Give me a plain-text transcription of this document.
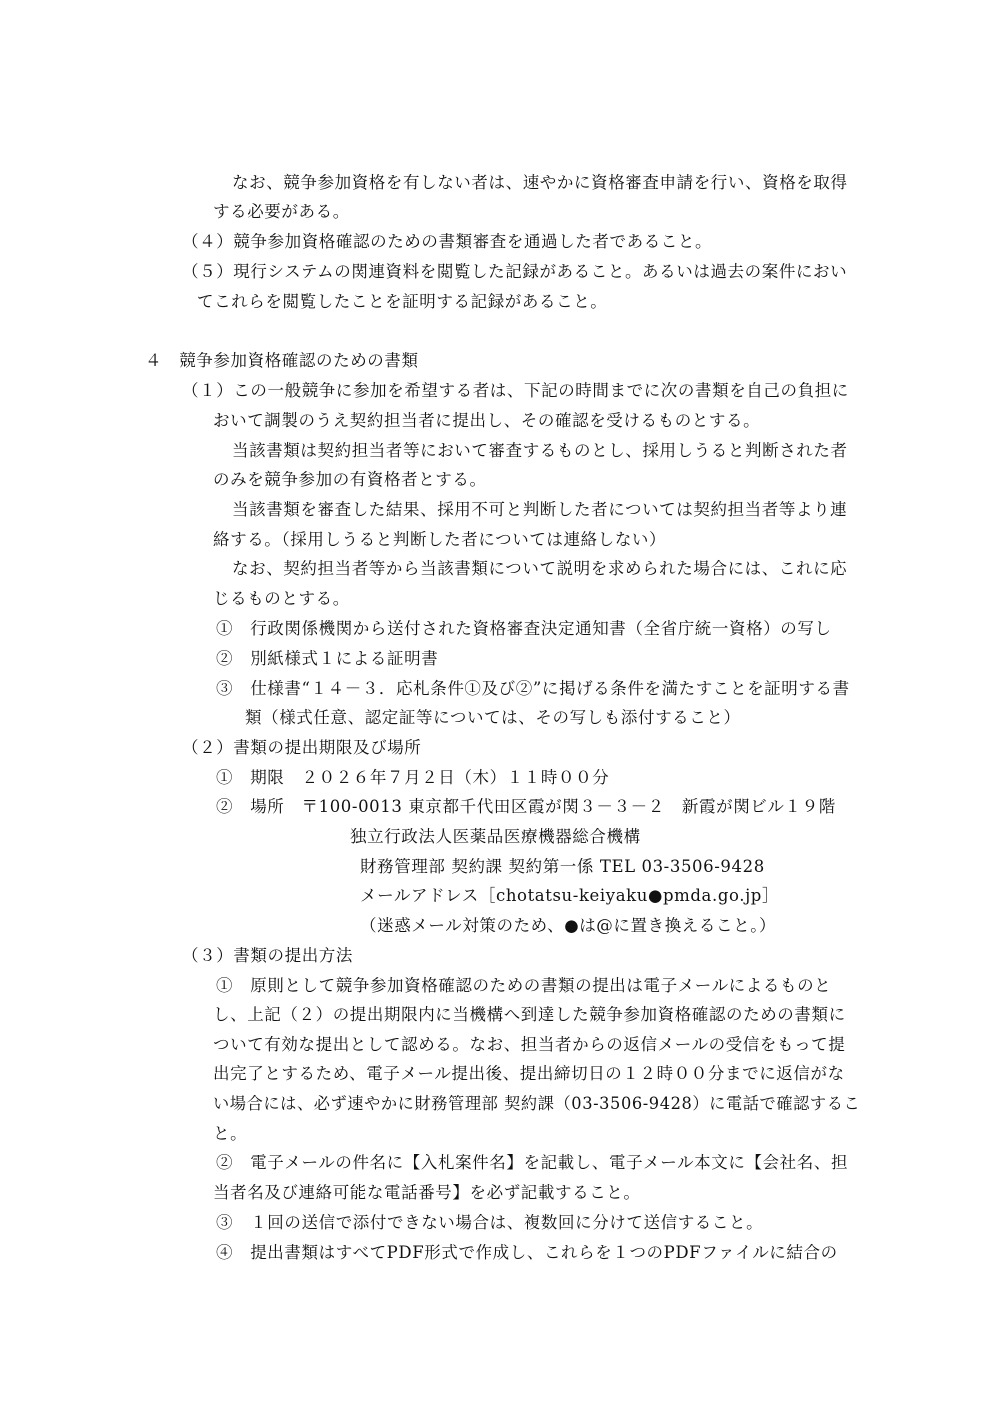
なお、競争参加資格を有しない者は、速やかに資格審査申請を行い、資格を取得
する必要がある。
（４）競争参加資格確認のための書類審査を通過した者であること。
（５）現行システムの関連資料を閲覧した記録があること。あるいは過去の案件におい
てこれらを閲覧したことを証明する記録があること。
４　競争参加資格確認のための書類
（１）この一般競争に参加を希望する者は、下記の時間までに次の書類を自己の負担に
おいて調製のうえ契約担当者に提出し、その確認を受けるものとする。
当該書類は契約担当者等において審査するものとし、採用しうると判断された者
のみを競争参加の有資格者とする。
当該書類を審査した結果、採用不可と判断した者については契約担当者等より連
絡する。（採用しうると判断した者については連絡しない）
なお、契約担当者等から当該書類について説明を求められた場合には、これに応
じるものとする。
①　行政関係機関から送付された資格審査決定通知書（全省庁統一資格）の写し
②　別紙様式１による証明書
③　仕様書“１４－３．応札条件①及び②”に掲げる条件を満たすことを証明する書
類（様式任意、認定証等については、その写しも添付すること）
（２）書類の提出期限及び場所
①　期限　２０２６年７月２日（木）１１時００分
②　場所　〒100-0013 東京都千代田区霞が関３－３－２　新霞が関ビル１９階
独立行政法人医薬品医療機器総合機構
財務管理部 契約課 契約第一係 TEL 03-3506-9428
メールアドレス［chotatsu-keiyaku●pmda.go.jp］
（迷惑メール対策のため、●は@に置き換えること。）
（３）書類の提出方法
①　原則として競争参加資格確認のための書類の提出は電子メールによるものと
し、上記（２）の提出期限内に当機構へ到達した競争参加資格確認のための書類に
ついて有効な提出として認める。なお、担当者からの返信メールの受信をもって提
出完了とするため、電子メール提出後、提出締切日の１２時００分までに返信がな
い場合には、必ず速やかに財務管理部 契約課（03-3506-9428）に電話で確認するこ
と。
②　電子メールの件名に【入札案件名】を記載し、電子メール本文に【会社名、担
当者名及び連絡可能な電話番号】を必ず記載すること。
③　１回の送信で添付できない場合は、複数回に分けて送信すること。
④　提出書類はすべてPDF形式で作成し、これらを１つのPDFファイルに結合の
